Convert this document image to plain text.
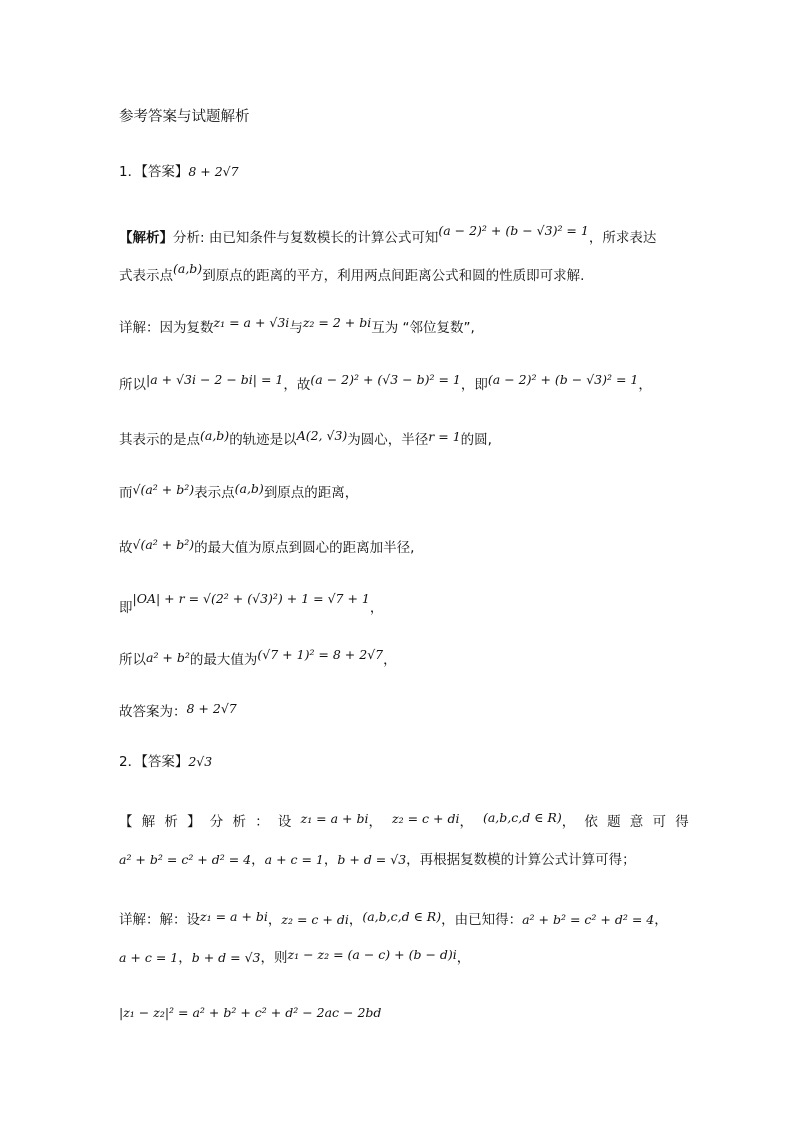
参考答案与试题解析
1．【答案】8 + 2√7
【解析】分析: 由已知条件与复数模长的计算公式可知(a − 2)² + (b − √3)² = 1，所求表达
式表示点(a,b)到原点的距离的平方，利用两点间距离公式和圆的性质即可求解.
详解：因为复数z₁ = a + √3i与z₂ = 2 + bi互为 “邻位复数”,
所以|a + √3i − 2 − bi| = 1，故(a − 2)² + (√3 − b)² = 1，即(a − 2)² + (b − √3)² = 1，
其表示的是点(a,b)的轨迹是以A(2, √3)为圆心，半径r = 1的圆,
而√(a² + b²)表示点(a,b)到原点的距离，
故√(a² + b²)的最大值为原点到圆心的距离加半径,
即|OA| + r = √(2² + (√3)²) + 1 = √7 + 1，
所以a² + b²的最大值为(√7 + 1)² = 8 + 2√7，
故答案为：8 + 2√7
2．【答案】2√3
【解析】分析：设z₁ = a + bi， z₂ = c + di， (a,b,c,d ∈ R)，依题意可得
a² + b² = c² + d² = 4，a + c = 1，b + d = √3，再根据复数模的计算公式计算可得；
详解：解：设z₁ = a + bi，z₂ = c + di，(a,b,c,d ∈ R)，由已知得：a² + b² = c² + d² = 4，
a + c = 1，b + d = √3，则z₁ − z₂ = (a − c) + (b − d)i，
|z₁ − z₂|² = a² + b² + c² + d² − 2ac − 2bd
